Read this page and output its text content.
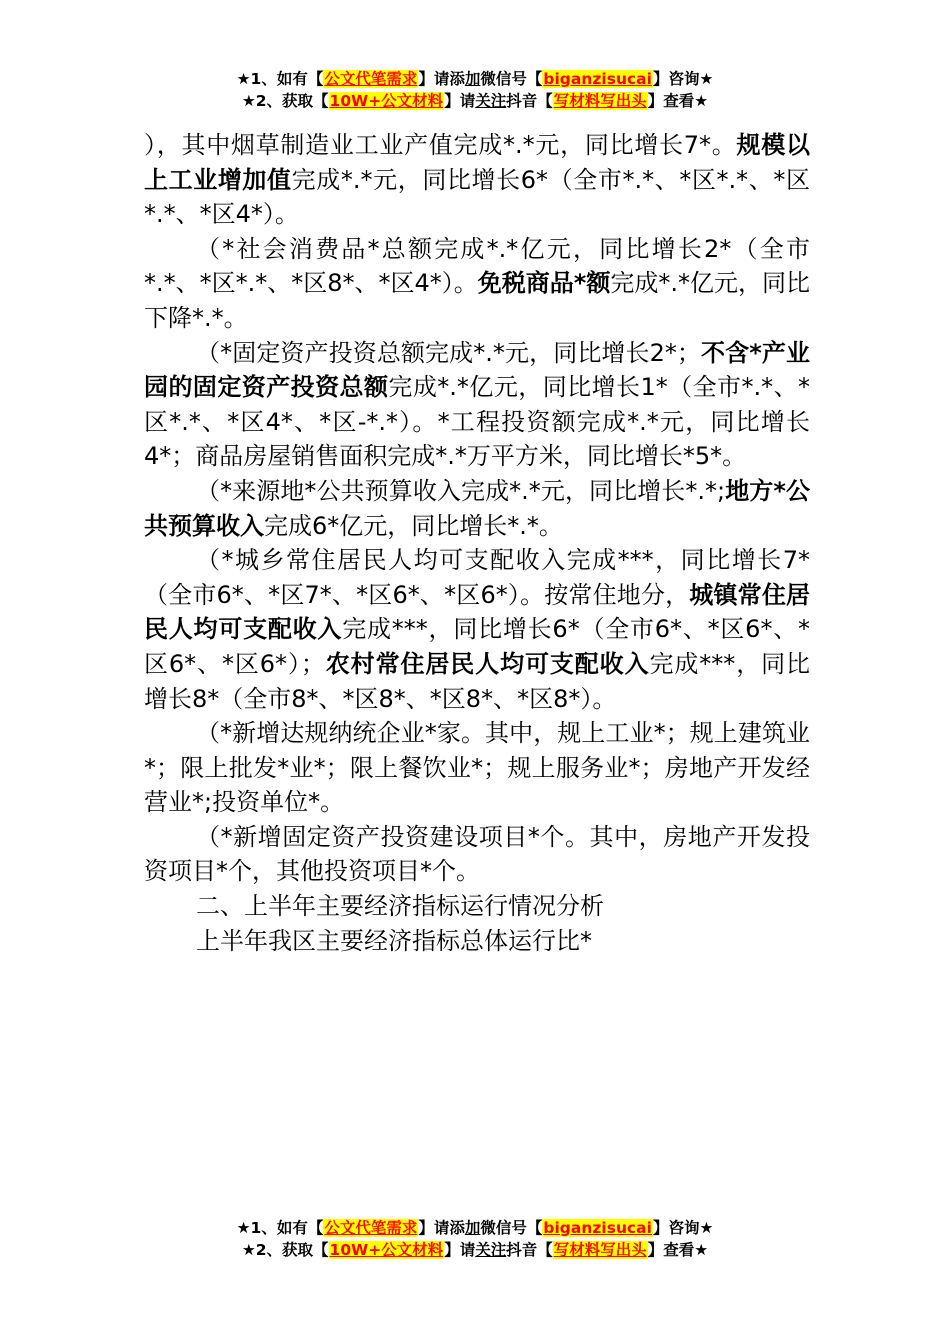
★1、如有【公文代笔需求】请添加微信号【biganzisucai】咨询★
★2、获取【10W+公文材料】请关注抖音【写材料写出头】查看★

），其中烟草制造业工业产值完成*.*元，同比增长7*。规模以上工业增加值完成*.*元，同比增长6*（全市*.*、*区*.*、*区*.*、*区4*）。

（*社会消费品*总额完成*.*亿元，同比增长2*（全市*.*、*区*.*、*区8*、*区4*）。免税商品*额完成*.*亿元，同比下降*.*。

（*固定资产投资总额完成*.*元，同比增长2*；不含*产业园的固定资产投资总额完成*.*亿元，同比增长1*（全市*.*、*区*.*、*区4*、*区-*.*）。*工程投资额完成*.*元，同比增长4*；商品房屋销售面积完成*.*万平方米，同比增长*5*。

（*来源地*公共预算收入完成*.*元，同比增长*.*;地方*公共预算收入完成6*亿元，同比增长*.*。

（*城乡常住居民人均可支配收入完成***，同比增长7*（全市6*、*区7*、*区6*、*区6*）。按常住地分，城镇常住居民人均可支配收入完成***，同比增长6*（全市6*、*区6*、*区6*、*区6*）；农村常住居民人均可支配收入完成***，同比增长8*（全市8*、*区8*、*区8*、*区8*）。

（*新增达规纳统企业*家。其中，规上工业*；规上建筑业*；限上批发*业*；限上餐饮业*；规上服务业*；房地产开发经营业*;投资单位*。

（*新增固定资产投资建设项目*个。其中，房地产开发投资项目*个，其他投资项目*个。

二、上半年主要经济指标运行情况分析

上半年我区主要经济指标总体运行比*

★1、如有【公文代笔需求】请添加微信号【biganzisucai】咨询★
★2、获取【10W+公文材料】请关注抖音【写材料写出头】查看★
